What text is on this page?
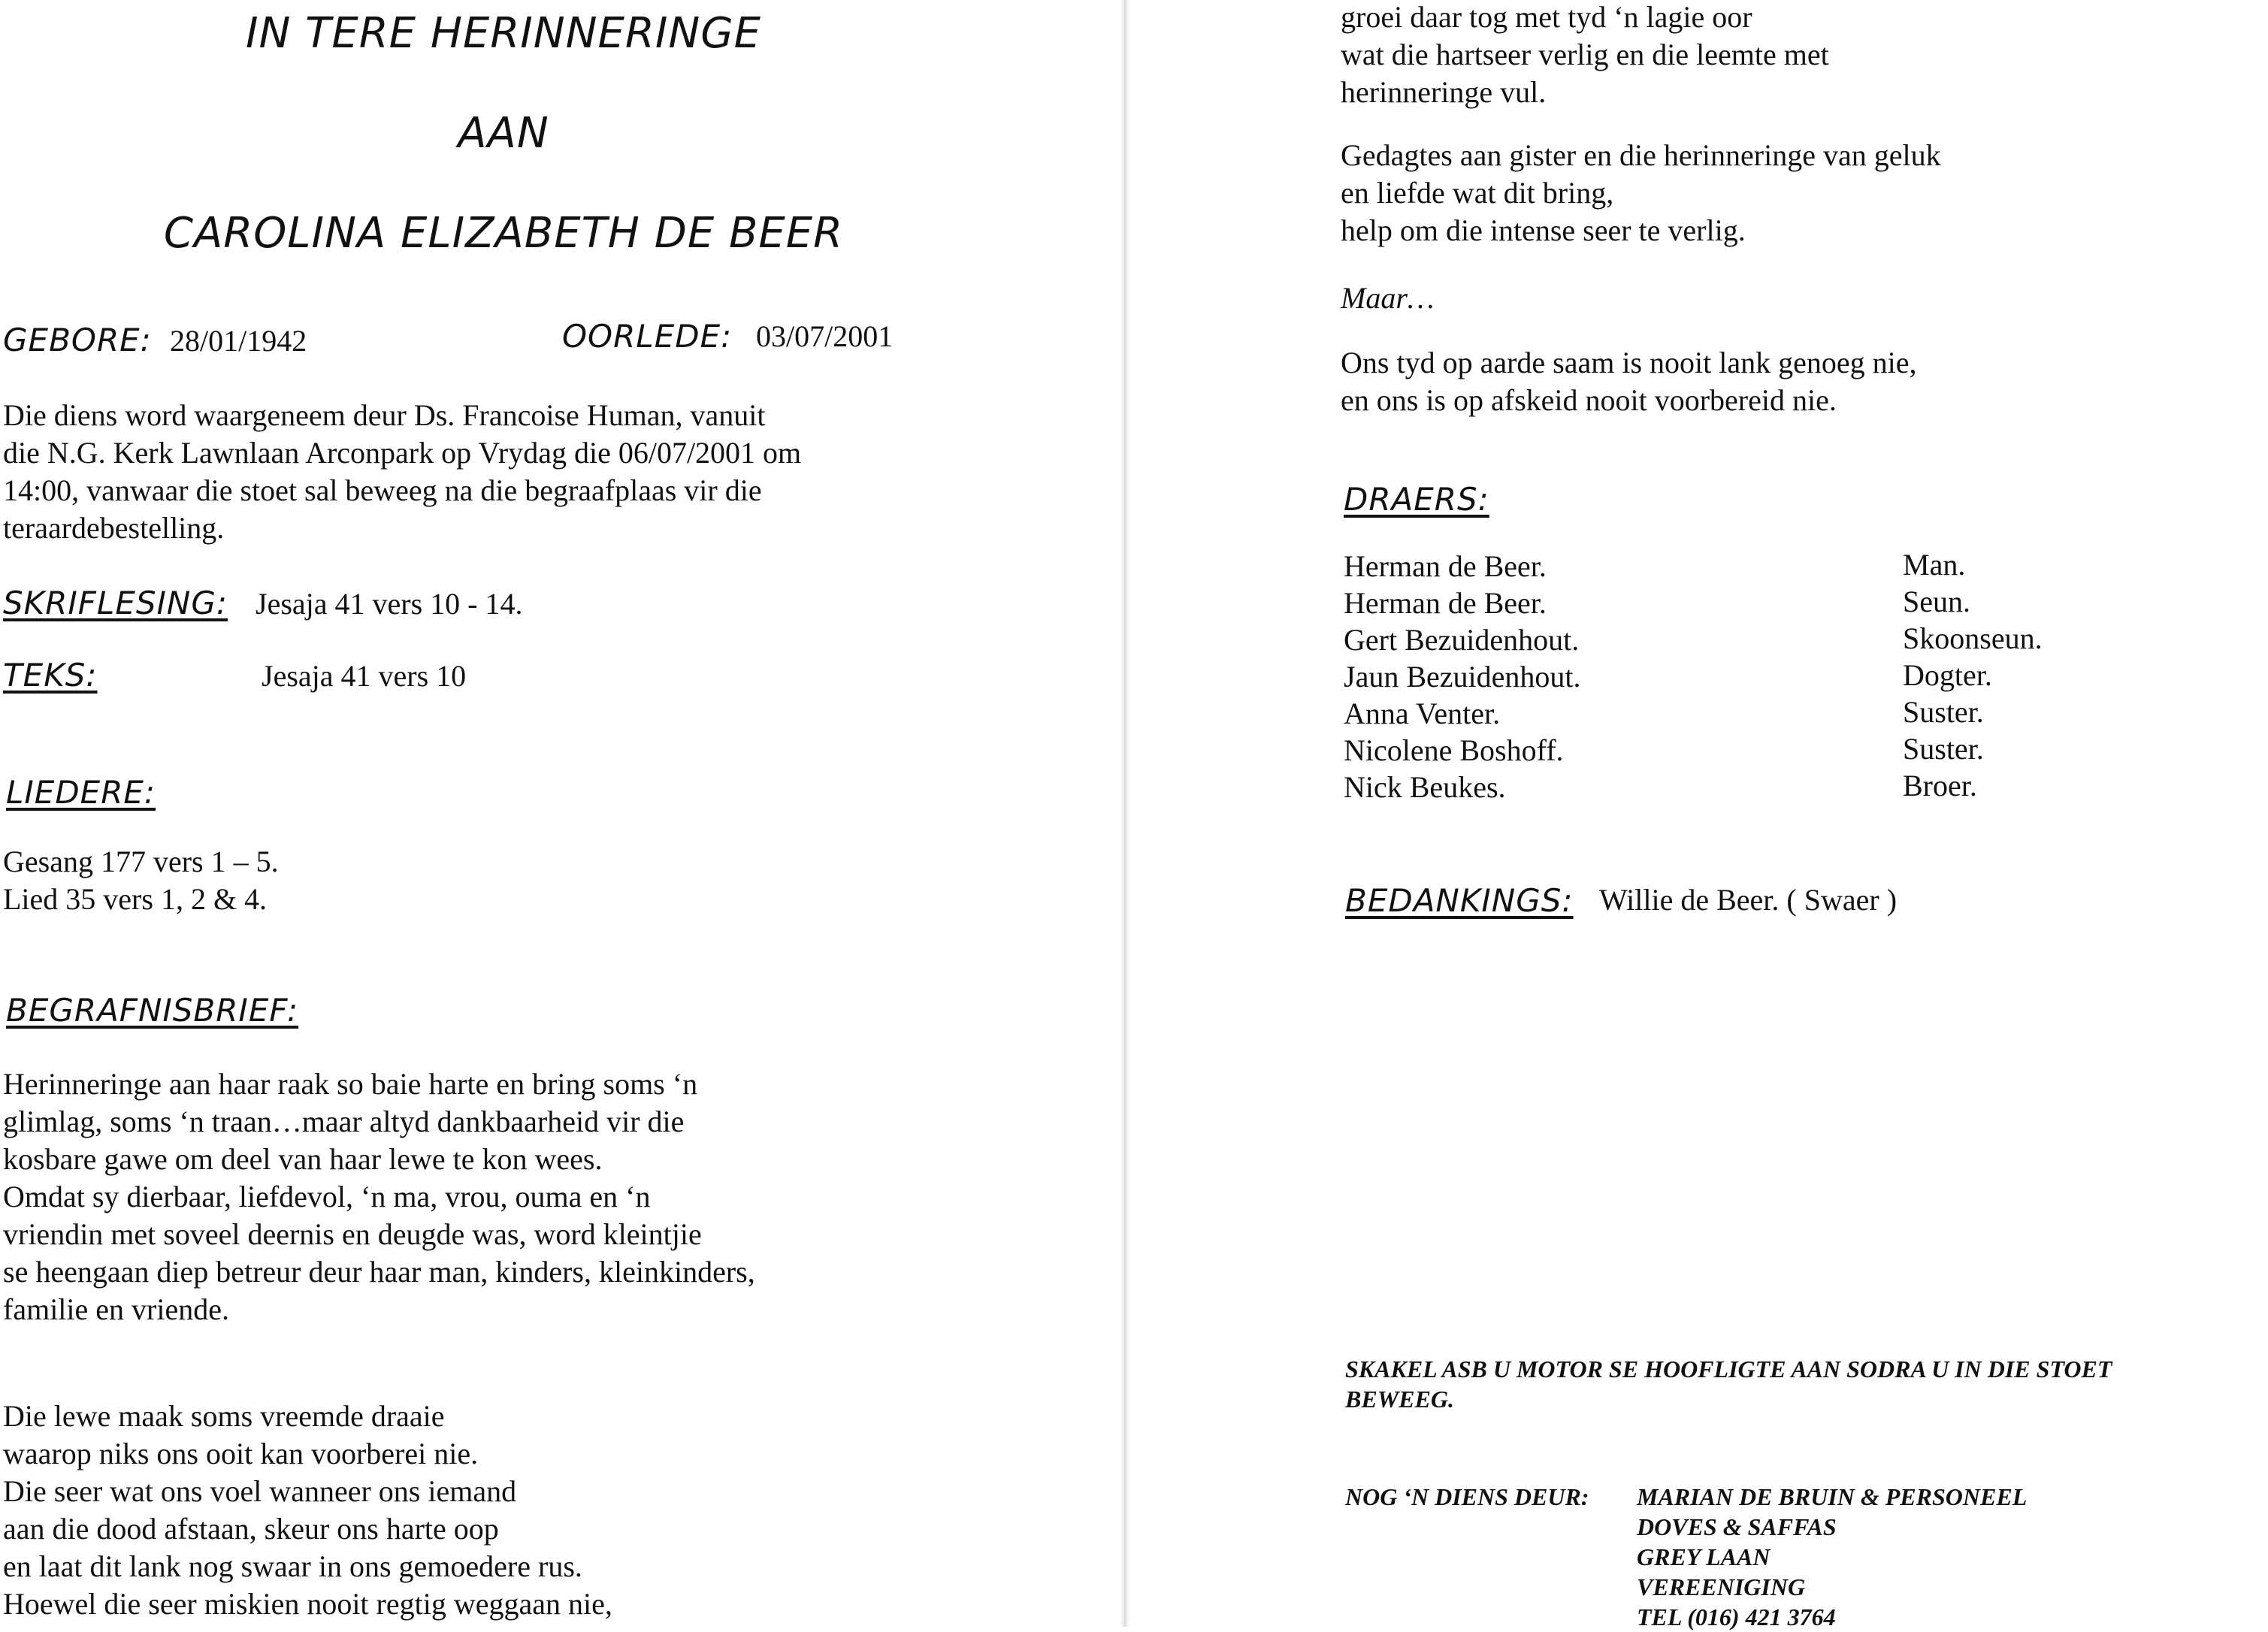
IN TERE HERINNERINGE
AAN
CAROLINA ELIZABETH DE BEER
GEBORE: 28/01/1942	OORLEDE: 03/07/2001

Die diens word waargeneem deur Ds. Francoise Human, vanuit

die N.G. Kerk Lawnlaan Arconpark op Vrydag die 06/07/2001 om

14:00, vanwaar die stoet sal beweeg na die begraafplaas vir die

teraardebestelling.

SKRIFLESING: Jesaja 41 vers 10 - 14.
TEKS:	Jesaja 41 vers 10
LIEDERE:

Gesang 177 vers 1 – 5.

Lied 35 vers 1, 2 & 4.

BEGRAFNISBRIEF:

Herinneringe aan haar raak so baie harte en bring soms ‘n

glimlag, soms ‘n traan…maar altyd dankbaarheid vir die

kosbare gawe om deel van haar lewe te kon wees.

Omdat sy dierbaar, liefdevol, ‘n ma, vrou, ouma en ‘n

vriendin met soveel deernis en deugde was, word kleintjie

se heengaan diep betreur deur haar man, kinders, kleinkinders,

familie en vriende.

Die lewe maak soms vreemde draaie

waarop niks ons ooit kan voorberei nie.

Die seer wat ons voel wanneer ons iemand

aan die dood afstaan, skeur ons harte oop

en laat dit lank nog swaar in ons gemoedere rus.

Hoewel die seer miskien nooit regtig weggaan nie,

groei daar tog met tyd ‘n lagie oor

wat die hartseer verlig en die leemte met

herinneringe vul.

Gedagtes aan gister en die herinneringe van geluk

en liefde wat dit bring,

help om die intense seer te verlig.

Maar…

Ons tyd op aarde saam is nooit lank genoeg nie,

en ons is op afskeid nooit voorbereid nie.

DRAERS:
Herman de Beer.	Man.
Herman de Beer.	Seun.
Gert Bezuidenhout.	Skoonseun.
Jaun Bezuidenhout.	Dogter.
Anna Venter.	Suster.
Nicolene Boshoff.	Suster.
Nick Beukes.	Broer.
BEDANKINGS: Willie de Beer. ( Swaer )

SKAKEL ASB U MOTOR SE HOOFLIGTE AAN SODRA U IN DIE STOET

BEWEEG.

NOG ‘N DIENS DEUR: MARIAN DE BRUIN & PERSONEEL

DOVES & SAFFAS

GREY LAAN

VEREENIGING

TEL (016) 421 3764
